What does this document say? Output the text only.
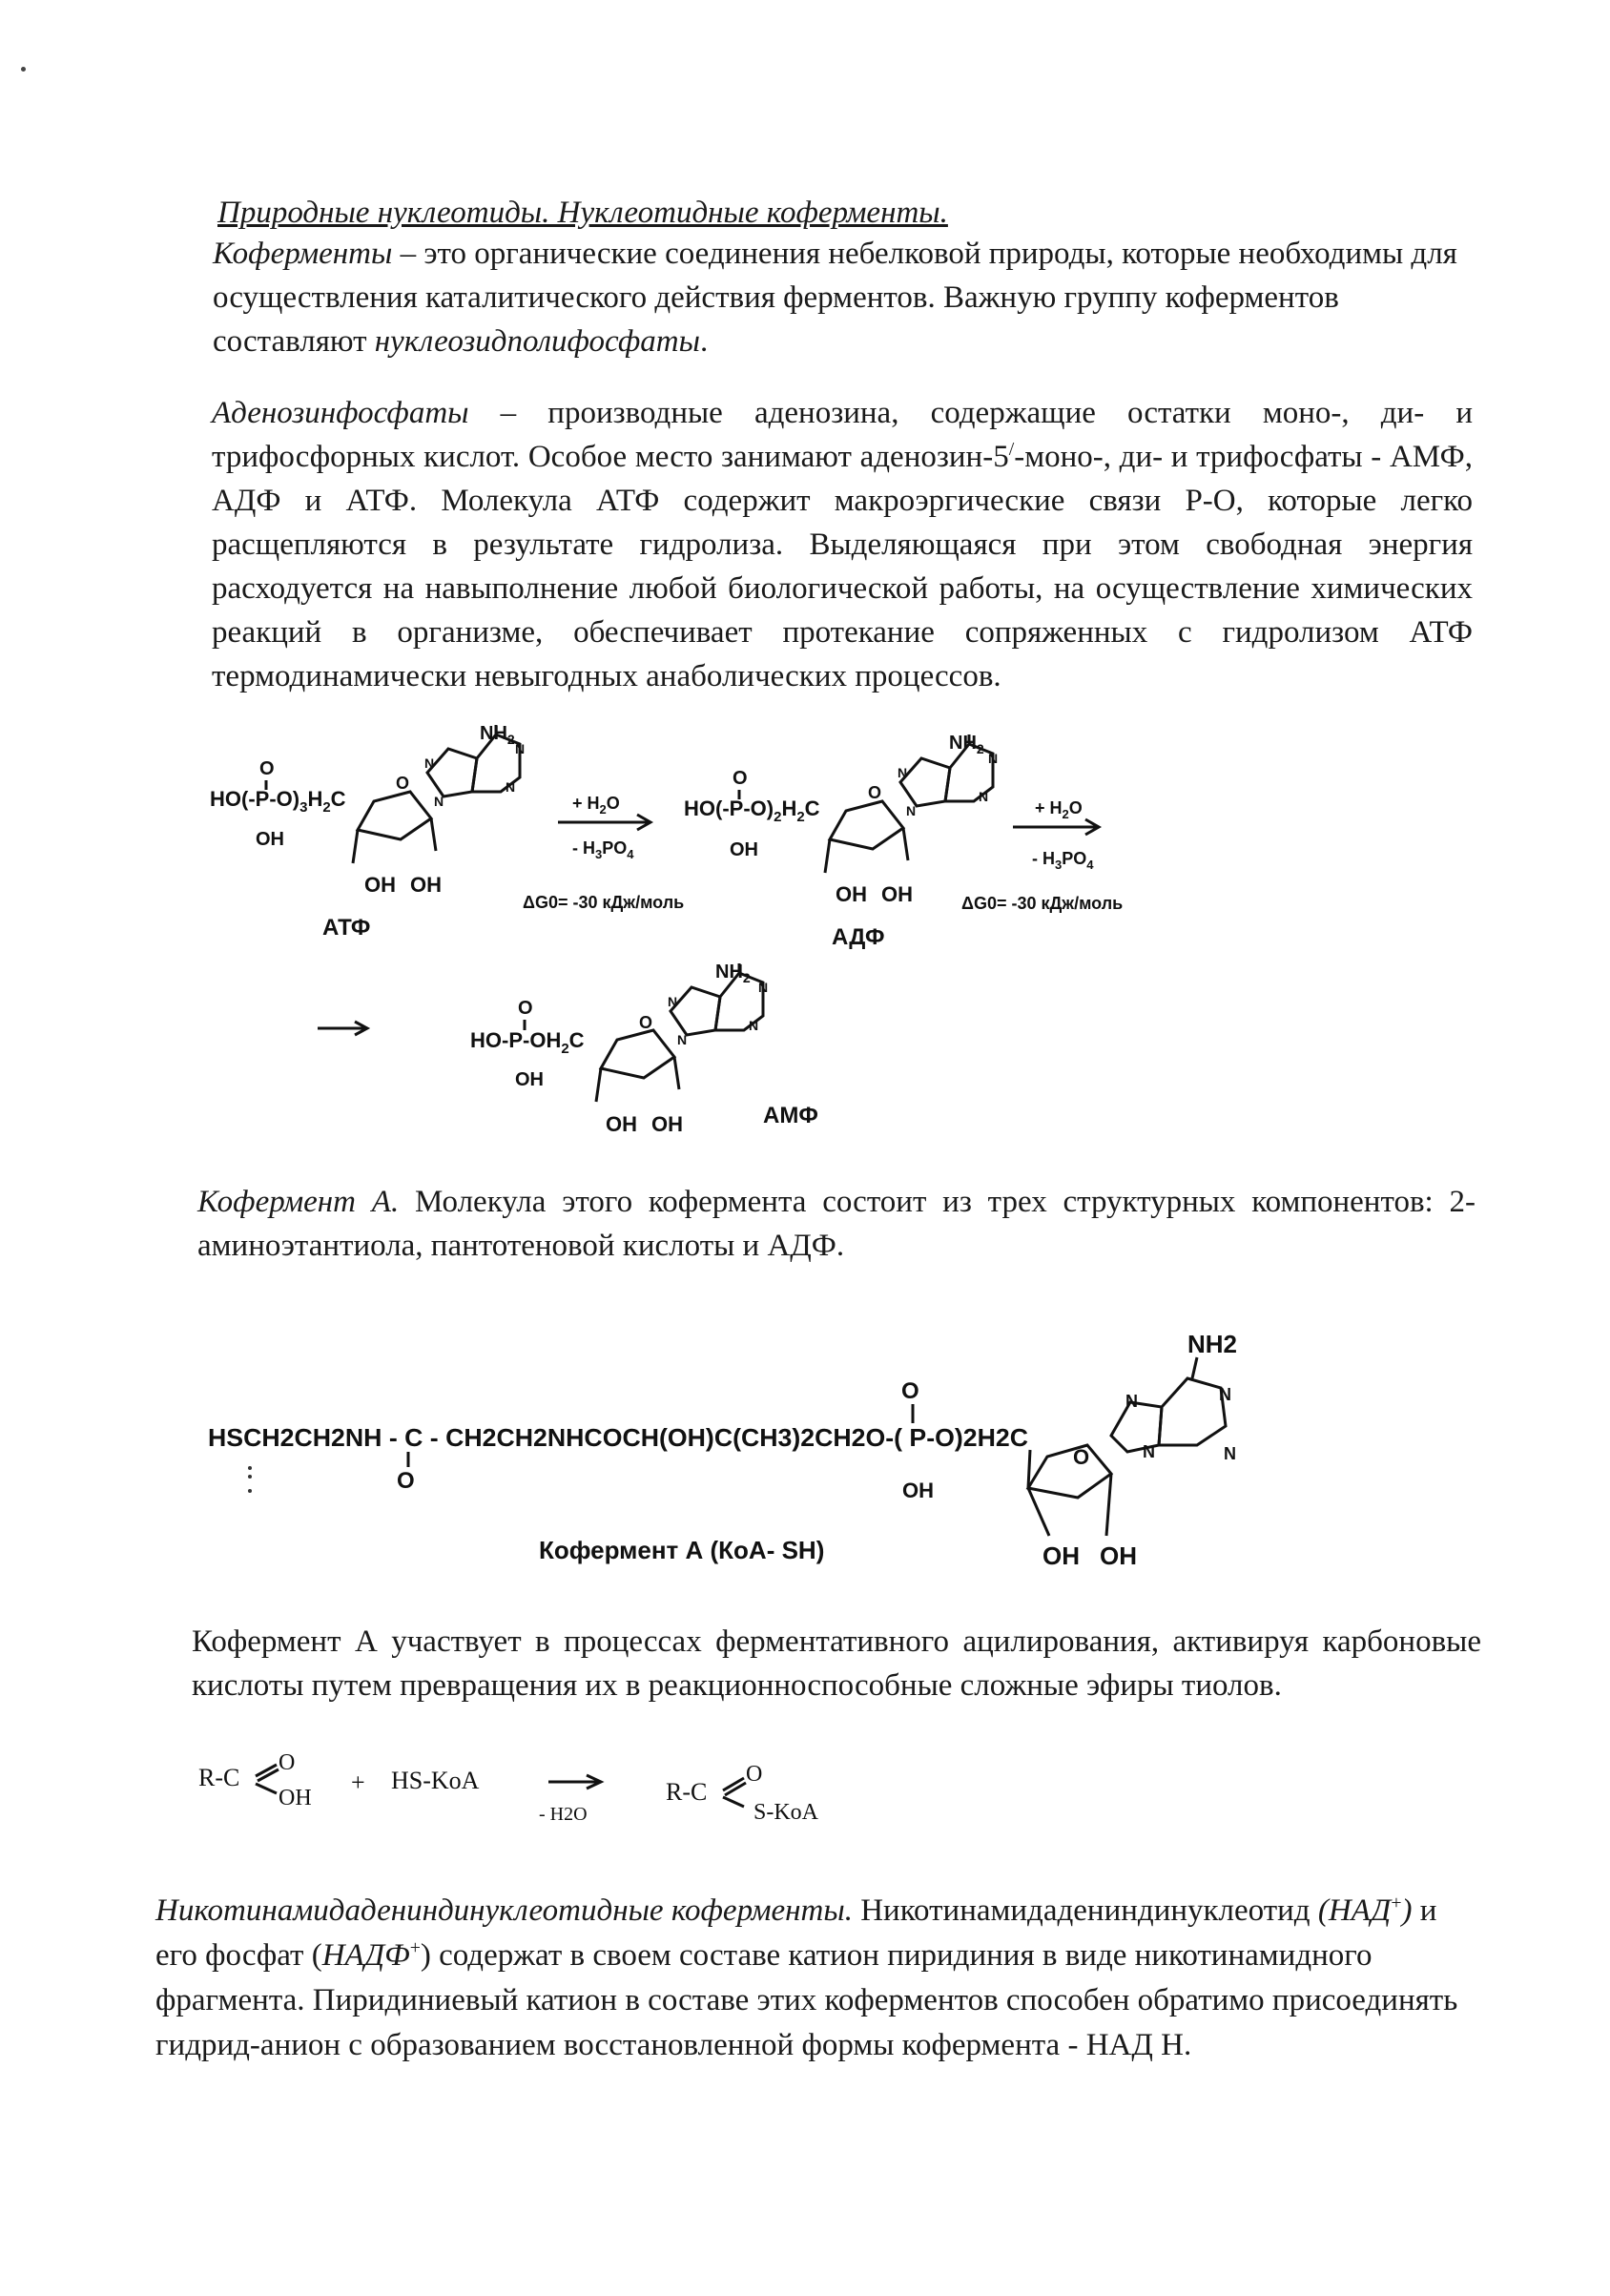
Природные нуклеотиды. Нуклеотидные коферменты.
Коферменты – это органические соединения небелковой природы, которые необходимы для осуществления каталитического действия ферментов. Важную группу коферментов составляют нуклеозидполифосфаты.
Аденозинфосфаты – производные аденозина, содержащие остатки моно-, ди- и трифосфорных кислот. Особое место занимают аденозин-5/-моно-, ди- и трифосфаты - АМФ, АДФ и АТФ. Молекула АТФ содержит макроэргические связи Р-О, которые легко расщепляются в результате гидролиза. Выделяющаяся при этом свободная энергия расходуется на навыполнение любой биологической работы, на осуществление химических реакций в организме, обеспечивает протекание сопряженных с гидролизом АТФ термодинамически невыгодных анаболических процессов.
$HO(-P-O)_3H_2C$
O
OH
O
OH OH
$NH_2$
N
N
N
N
АТФ
+ $H_2O$
- $H_3PO_4$
ΔG0= -30 кДж/моль
$HO(-P-O)_2H_2C$
O
OH
O
OH OH
$NH_2$
N
N
N
N
АДФ
+ $H_2O$
- $H_3PO_4$
ΔG0= -30 кДж/моль
$HO-P-OH_2C$
O
OH
O
OH OH
$NH_2$
N
N
N
N
АМФ
Кофермент А. Молекула этого кофермента состоит из трех структурных компонентов: 2-аминоэтантиола, пантотеновой кислоты и АДФ.
HSCH2CH2NH - C - CH2CH2NHCOCH(OH)C(CH3)2CH2O-( P-O)2H2C
O
O
OH
O
OH OH
NH2
N	N
N
N
Кофермент А (КоА- SH)
Кофермент А участвует в процессах ферментативного ацилирования, активируя карбоновые кислоты путем превращения их в реакционноспособные сложные эфиры тиолов.
R-C
O
OH
+ HS-KoA
- H2O
R-C
O
S-KoA
Никотинамидадениндинуклеотидные коферменты. Никотинамидадениндинуклеотид (НАД+) и его фосфат (НАДФ+) содержат в своем составе катион пиридиния в виде никотинамидного фрагмента. Пиридиниевый катион в составе этих коферментов способен обратимо присоединять гидрид-анион с образованием восстановленной формы кофермента - НАД Н.
